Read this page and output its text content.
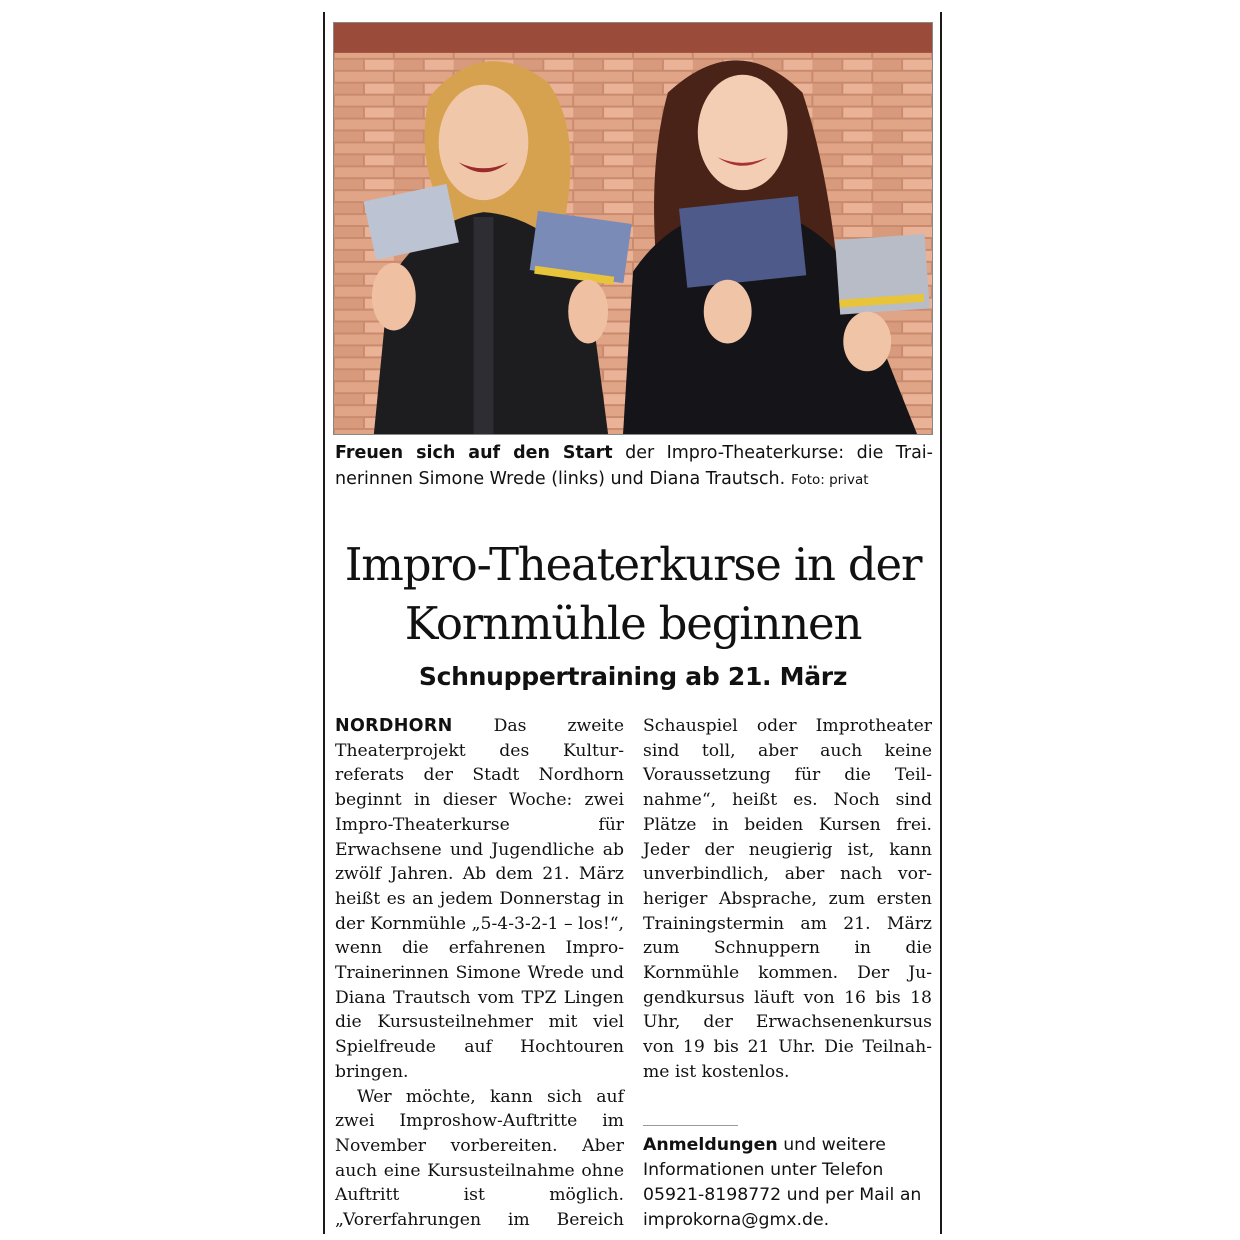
Freuen sich auf den Start der Impro-Theaterkurse: die Trainerinnen Simone Wrede (links) und Diana Trautsch. Foto: privat
Impro-Theaterkurse in der Kornmühle beginnen
Schnuppertraining ab 21. März

NORDHORN Das zweite Theaterprojekt des Kulturreferats der Stadt Nordhorn beginnt in dieser Woche: zwei Impro-Theaterkurse für Erwachsene und Jugendliche ab zwölf Jahren. Ab dem 21. März heißt es an jedem Donnerstag in der Kornmühle „5-4-3-2-1 – los!“, wenn die erfahrenen Impro-Trainerinnen Simone Wrede und Diana Trautsch vom TPZ Lingen die Kursusteilnehmer mit viel Spielfreude auf Hochtouren bringen.

Wer möchte, kann sich auf zwei Improshow-Auftritte im November vorbereiten. Aber auch eine Kursusteilnahme ohne Auftritt ist möglich. „Vorerfahrungen im Bereich Schauspiel oder Improtheater sind toll, aber auch keine Voraussetzung für die Teilnahme“, heißt es. Noch sind Plätze in beiden Kursen frei. Jeder der neugierig ist, kann unverbindlich, aber nach vorheriger Absprache, zum ersten Trainingstermin am 21. März zum Schnuppern in die Kornmühle kommen. Der Jugendkursus läuft von 16 bis 18 Uhr, der Erwachsenenkursus von 19 bis 21 Uhr. Die Teilnahme ist kostenlos.

Anmeldungen und weitere Informationen unter Telefon 05921-8198772 und per Mail an improkorna@gmx.de.
